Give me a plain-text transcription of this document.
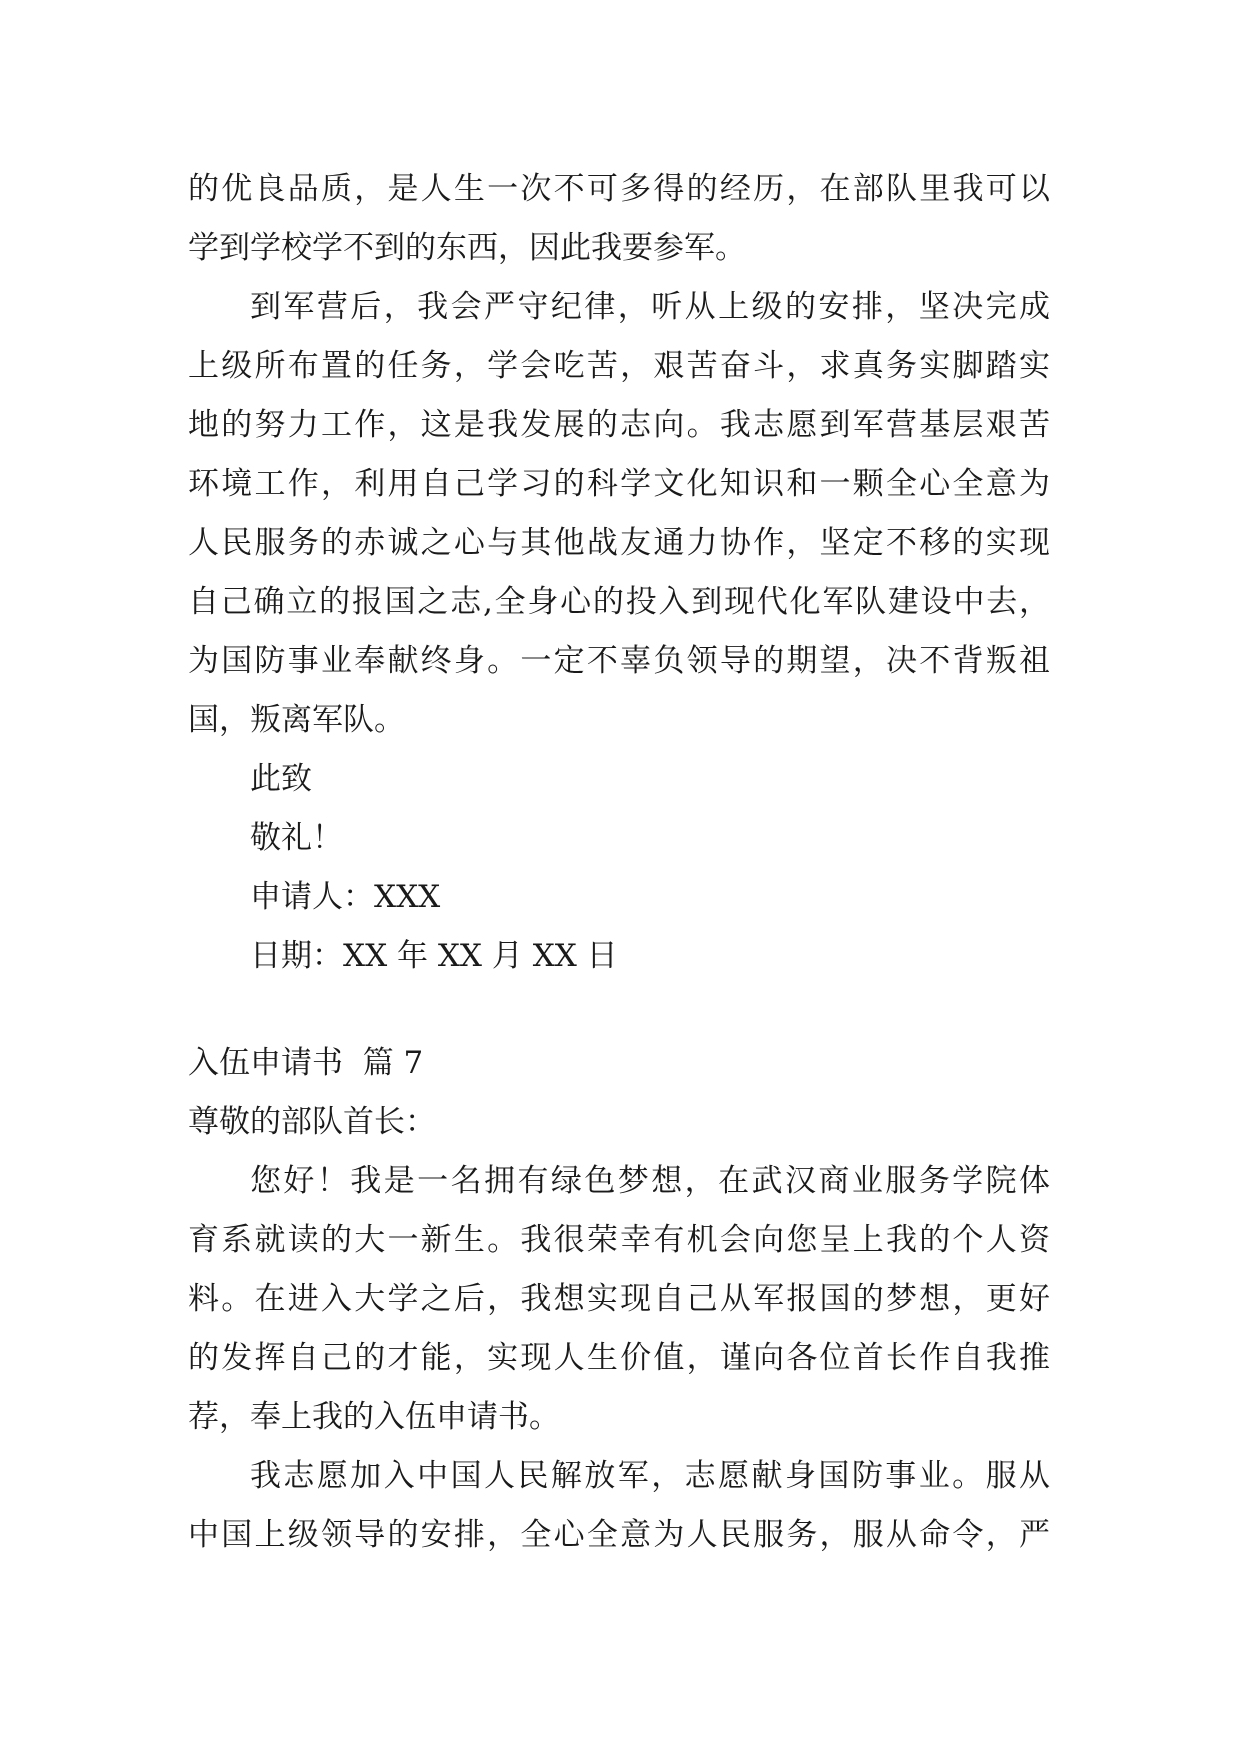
的优良品质，是人生一次不可多得的经历，在部队里我可以
学到学校学不到的东西，因此我要参军。
到军营后，我会严守纪律，听从上级的安排，坚决完成
上级所布置的任务，学会吃苦，艰苦奋斗，求真务实脚踏实
地的努力工作，这是我发展的志向。我志愿到军营基层艰苦
环境工作，利用自己学习的科学文化知识和一颗全心全意为
人民服务的赤诚之心与其他战友通力协作，坚定不移的实现
自己确立的报国之志,全身心的投入到现代化军队建设中去，
为国防事业奉献终身。一定不辜负领导的期望，决不背叛祖
国，叛离军队。
此致
敬礼！
申请人：XXX
日期：XX 年 XX 月 XX 日
入伍申请书  篇 7
尊敬的部队首长：
您好！我是一名拥有绿色梦想，在武汉商业服务学院体
育系就读的大一新生。我很荣幸有机会向您呈上我的个人资
料。在进入大学之后，我想实现自己从军报国的梦想，更好
的发挥自己的才能，实现人生价值，谨向各位首长作自我推
荐，奉上我的入伍申请书。
我志愿加入中国人民解放军，志愿献身国防事业。服从
中国上级领导的安排，全心全意为人民服务，服从命令，严
